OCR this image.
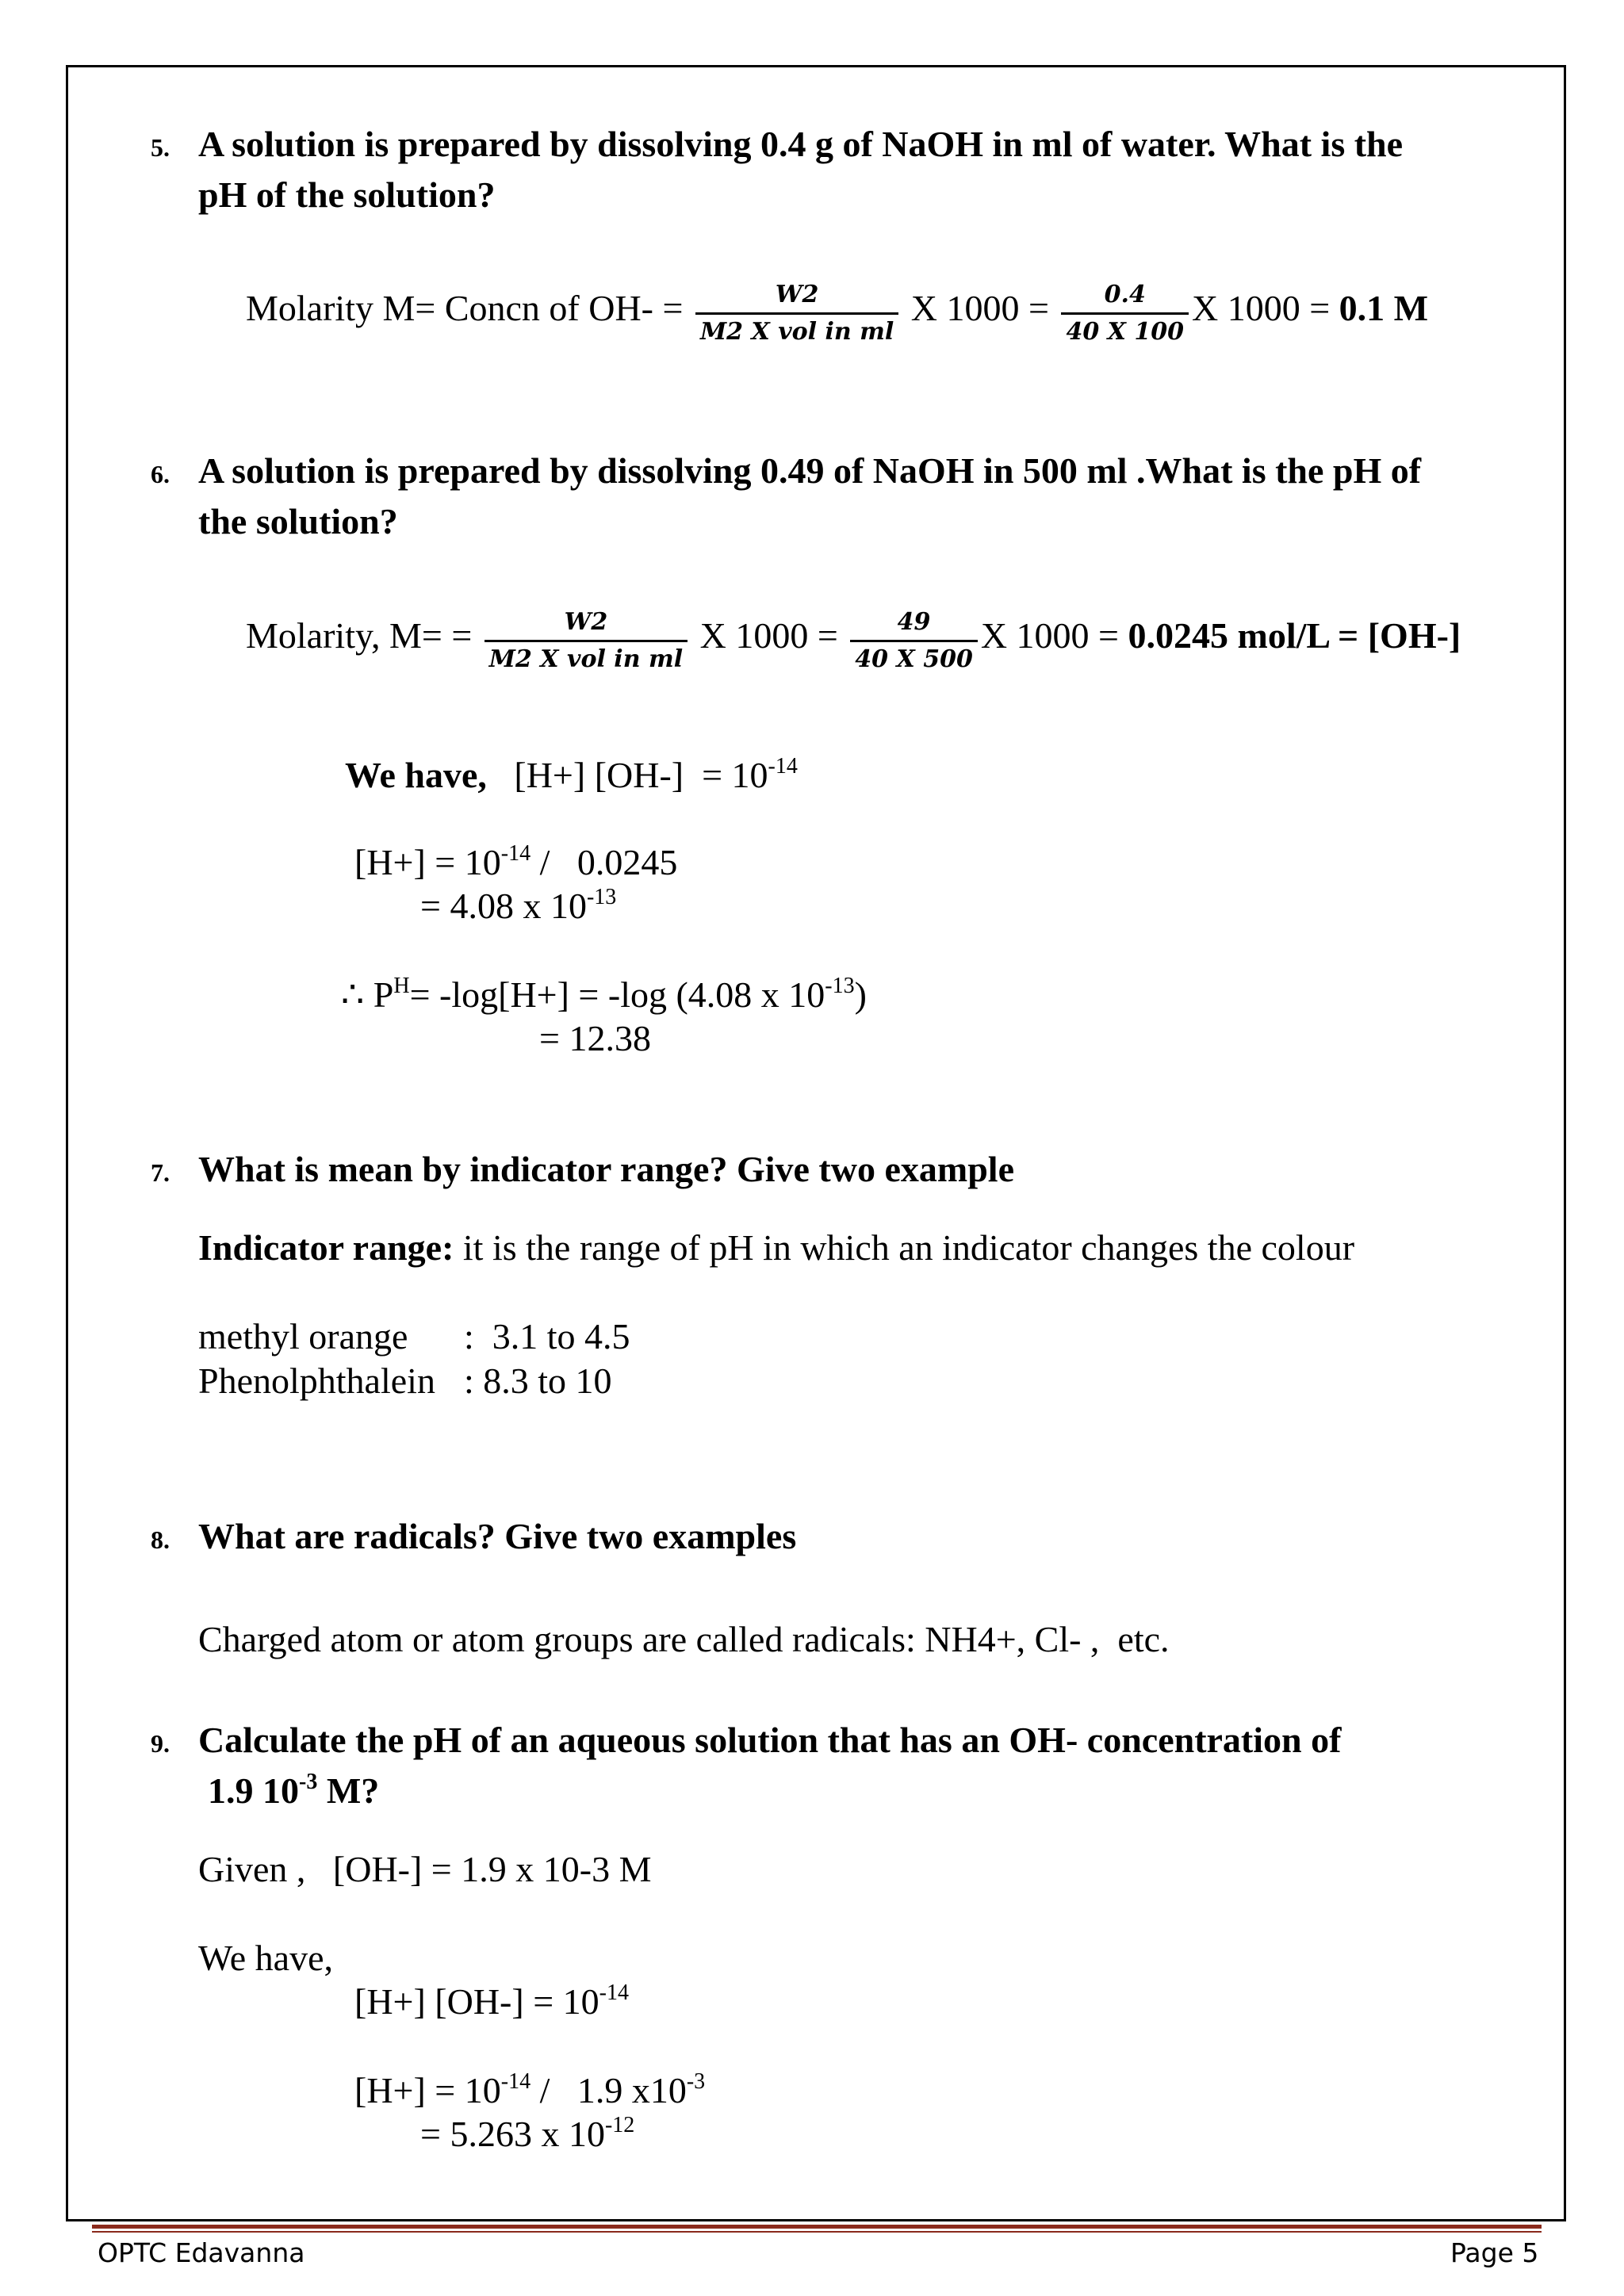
5. A solution is prepared by dissolving 0.4 g of NaOH in ml of water. What is the
pH of the solution?
Molarity M= Concn of $OH- = \frac{W2}{\text{M2 X vol in ml}}$ X $1000 = \frac{0.4}{40 X 100}$ X 1000 = 0.1 M
6. A solution is prepared by dissolving 0.49 of NaOH in 500 ml .What is the pH of
the solution?
Molarity, $M= = \frac{W2}{\text{M2 X vol in ml}}$ X $1000 = \frac{49}{40 X 500}$ X 1000 = 0.0245 mol/L = [OH-]
We have,   [H+] $[OH-] = 10^{-14}$
$[H+] = 10^{-14} / 0.0245$
= 4.08 x $10^{-13}$
∴ $P^H= -\log[H+] = -\log$ (4.08 x $10^{-13}$)
= 12.38
7. What is mean by indicator range? Give two example
Indicator range: it is the range of pH in which an indicator changes the colour
methyl orange :  3.1 to 4.5
Phenolphthalein : 8.3 to 10
8. What are radicals? Give two examples
Charged atom or atom groups are called radicals: NH4+, Cl- ,  etc.
9. Calculate the pH of an aqueous solution that has an OH- concentration of
1.9 $10^{-3}$ M?
Given ,   [OH-] = 1.9 x 10-3 M
We have,
[H+] $[OH-] = 10^{-14}$
$[H+] = 10^{-14} / 1.9$ $x10^{-3}$
= 5.263 x $10^{-12}$
OPTC Edavanna	Page 5
